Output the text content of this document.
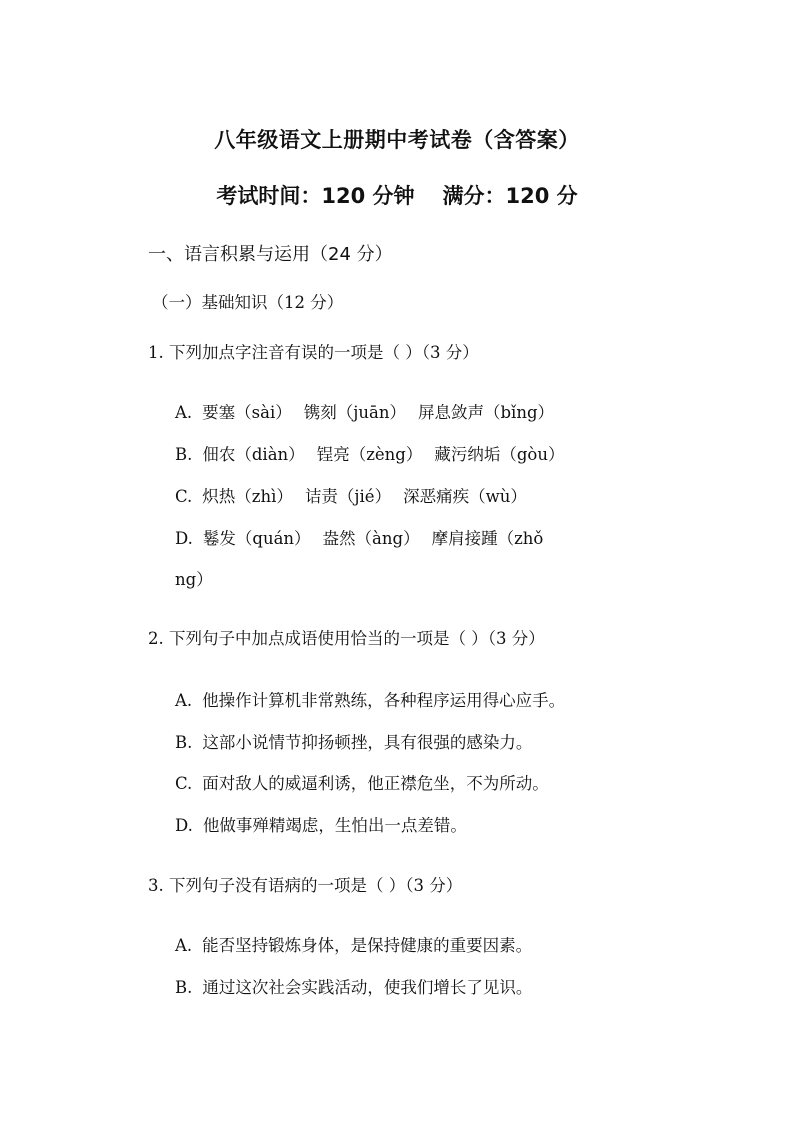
八年级语文上册期中考试卷（含答案）
考试时间：120 分钟 满分：120 分
一、语言积累与运用（24 分）
（一）基础知识（12 分）
1. 下列加点字注音有误的一项是（ ）（3 分）
A. 要塞（sài） 镌刻（juān） 屏息敛声（bǐng）
B. 佃农（diàn） 锃亮（zèng） 藏污纳垢（gòu）
C. 炽热（zhì） 诘责（jié） 深恶痛疾（wù）
D. 鬈发（quán） 盎然（àng） 摩肩接踵（zhǒ
ng）
2. 下列句子中加点成语使用恰当的一项是（ ）（3 分）
A. 他操作计算机非常熟练，各种程序运用得心应手。
B. 这部小说情节抑扬顿挫，具有很强的感染力。
C. 面对敌人的威逼利诱，他正襟危坐，不为所动。
D. 他做事殚精竭虑，生怕出一点差错。
3. 下列句子没有语病的一项是（ ）（3 分）
A. 能否坚持锻炼身体，是保持健康的重要因素。
B. 通过这次社会实践活动，使我们增长了见识。
